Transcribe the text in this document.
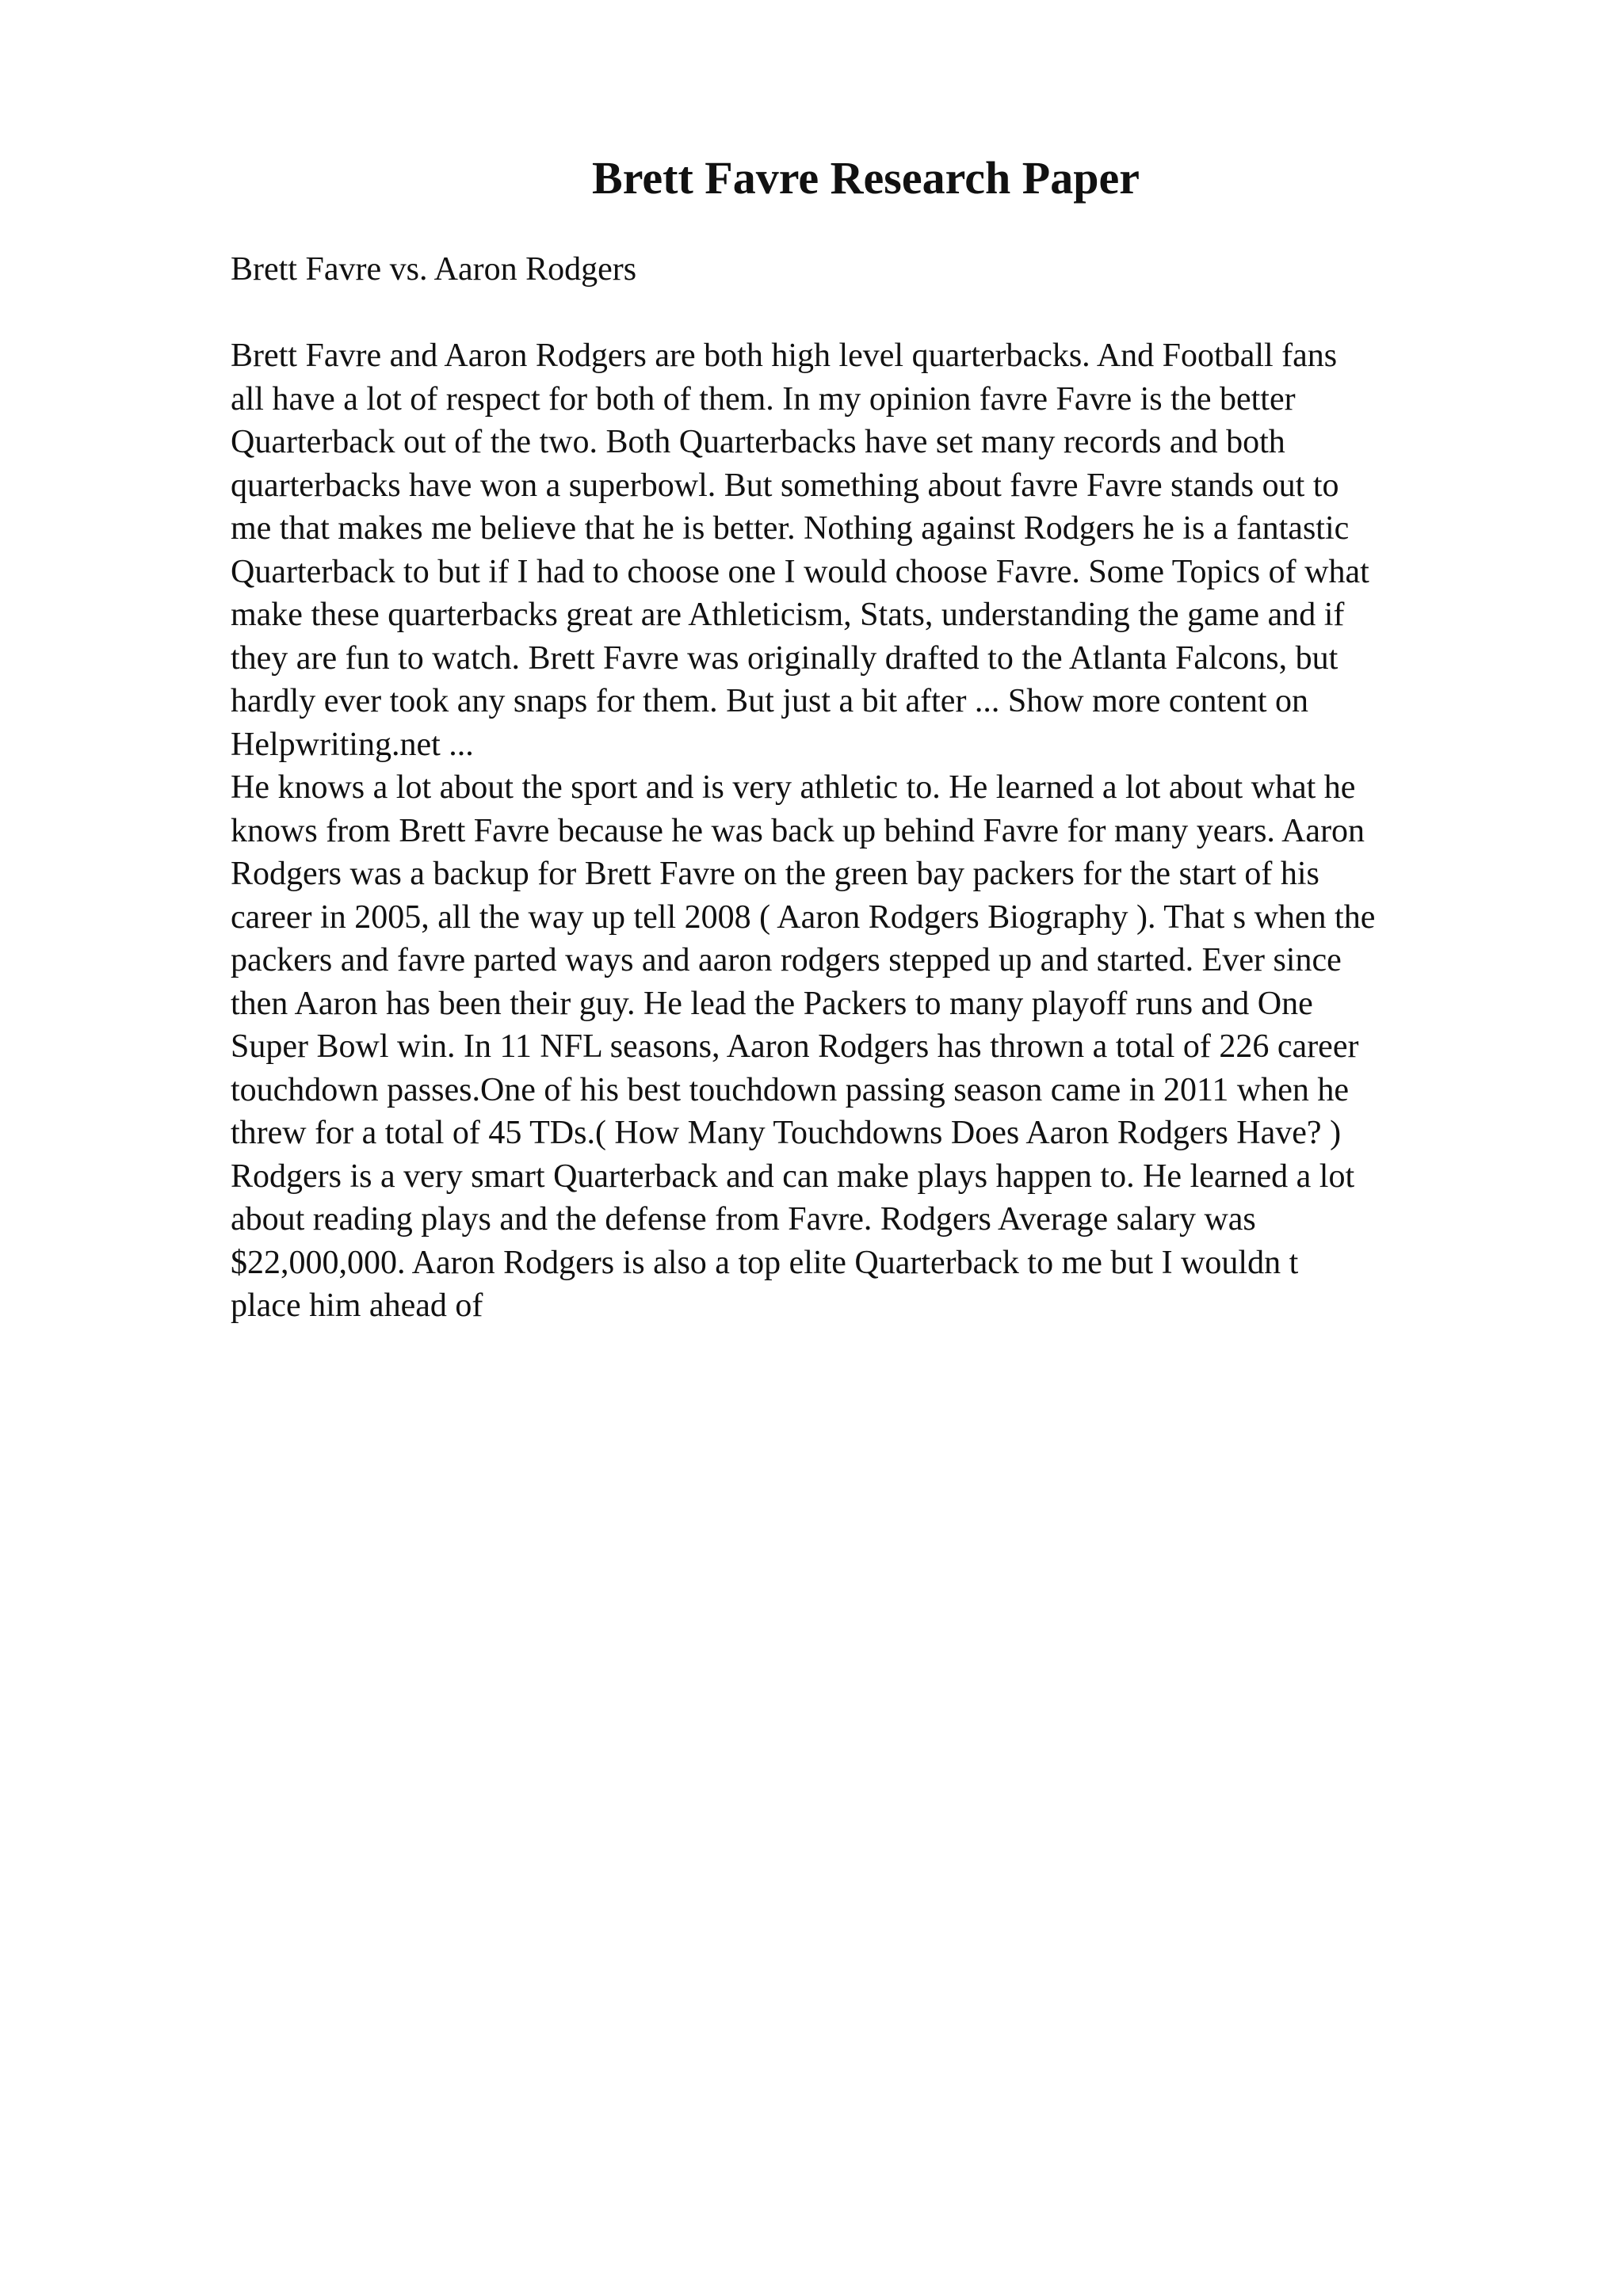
Brett Favre Research Paper

Brett Favre vs. Aaron Rodgers

Brett Favre and Aaron Rodgers are both high level quarterbacks. And Football fans
all have a lot of respect for both of them. In my opinion favre Favre is the better
Quarterback out of the two. Both Quarterbacks have set many records and both
quarterbacks have won a superbowl. But something about favre Favre stands out to
me that makes me believe that he is better. Nothing against Rodgers he is a fantastic
Quarterback to but if I had to choose one I would choose Favre. Some Topics of what
make these quarterbacks great are Athleticism, Stats, understanding the game and if
they are fun to watch. Brett Favre was originally drafted to the Atlanta Falcons, but
hardly ever took any snaps for them. But just a bit after ... Show more content on
Helpwriting.net ...
He knows a lot about the sport and is very athletic to. He learned a lot about what he
knows from Brett Favre because he was back up behind Favre for many years. Aaron
Rodgers was a backup for Brett Favre on the green bay packers for the start of his
career in 2005, all the way up tell 2008 ( Aaron Rodgers Biography ). That s when the
packers and favre parted ways and aaron rodgers stepped up and started. Ever since
then Aaron has been their guy. He lead the Packers to many playoff runs and One
Super Bowl win. In 11 NFL seasons, Aaron Rodgers has thrown a total of 226 career
touchdown passes.One of his best touchdown passing season came in 2011 when he
threw for a total of 45 TDs.( How Many Touchdowns Does Aaron Rodgers Have? )
Rodgers is a very smart Quarterback and can make plays happen to. He learned a lot
about reading plays and the defense from Favre. Rodgers Average salary was
$22,000,000. Aaron Rodgers is also a top elite Quarterback to me but I wouldn t
place him ahead of
